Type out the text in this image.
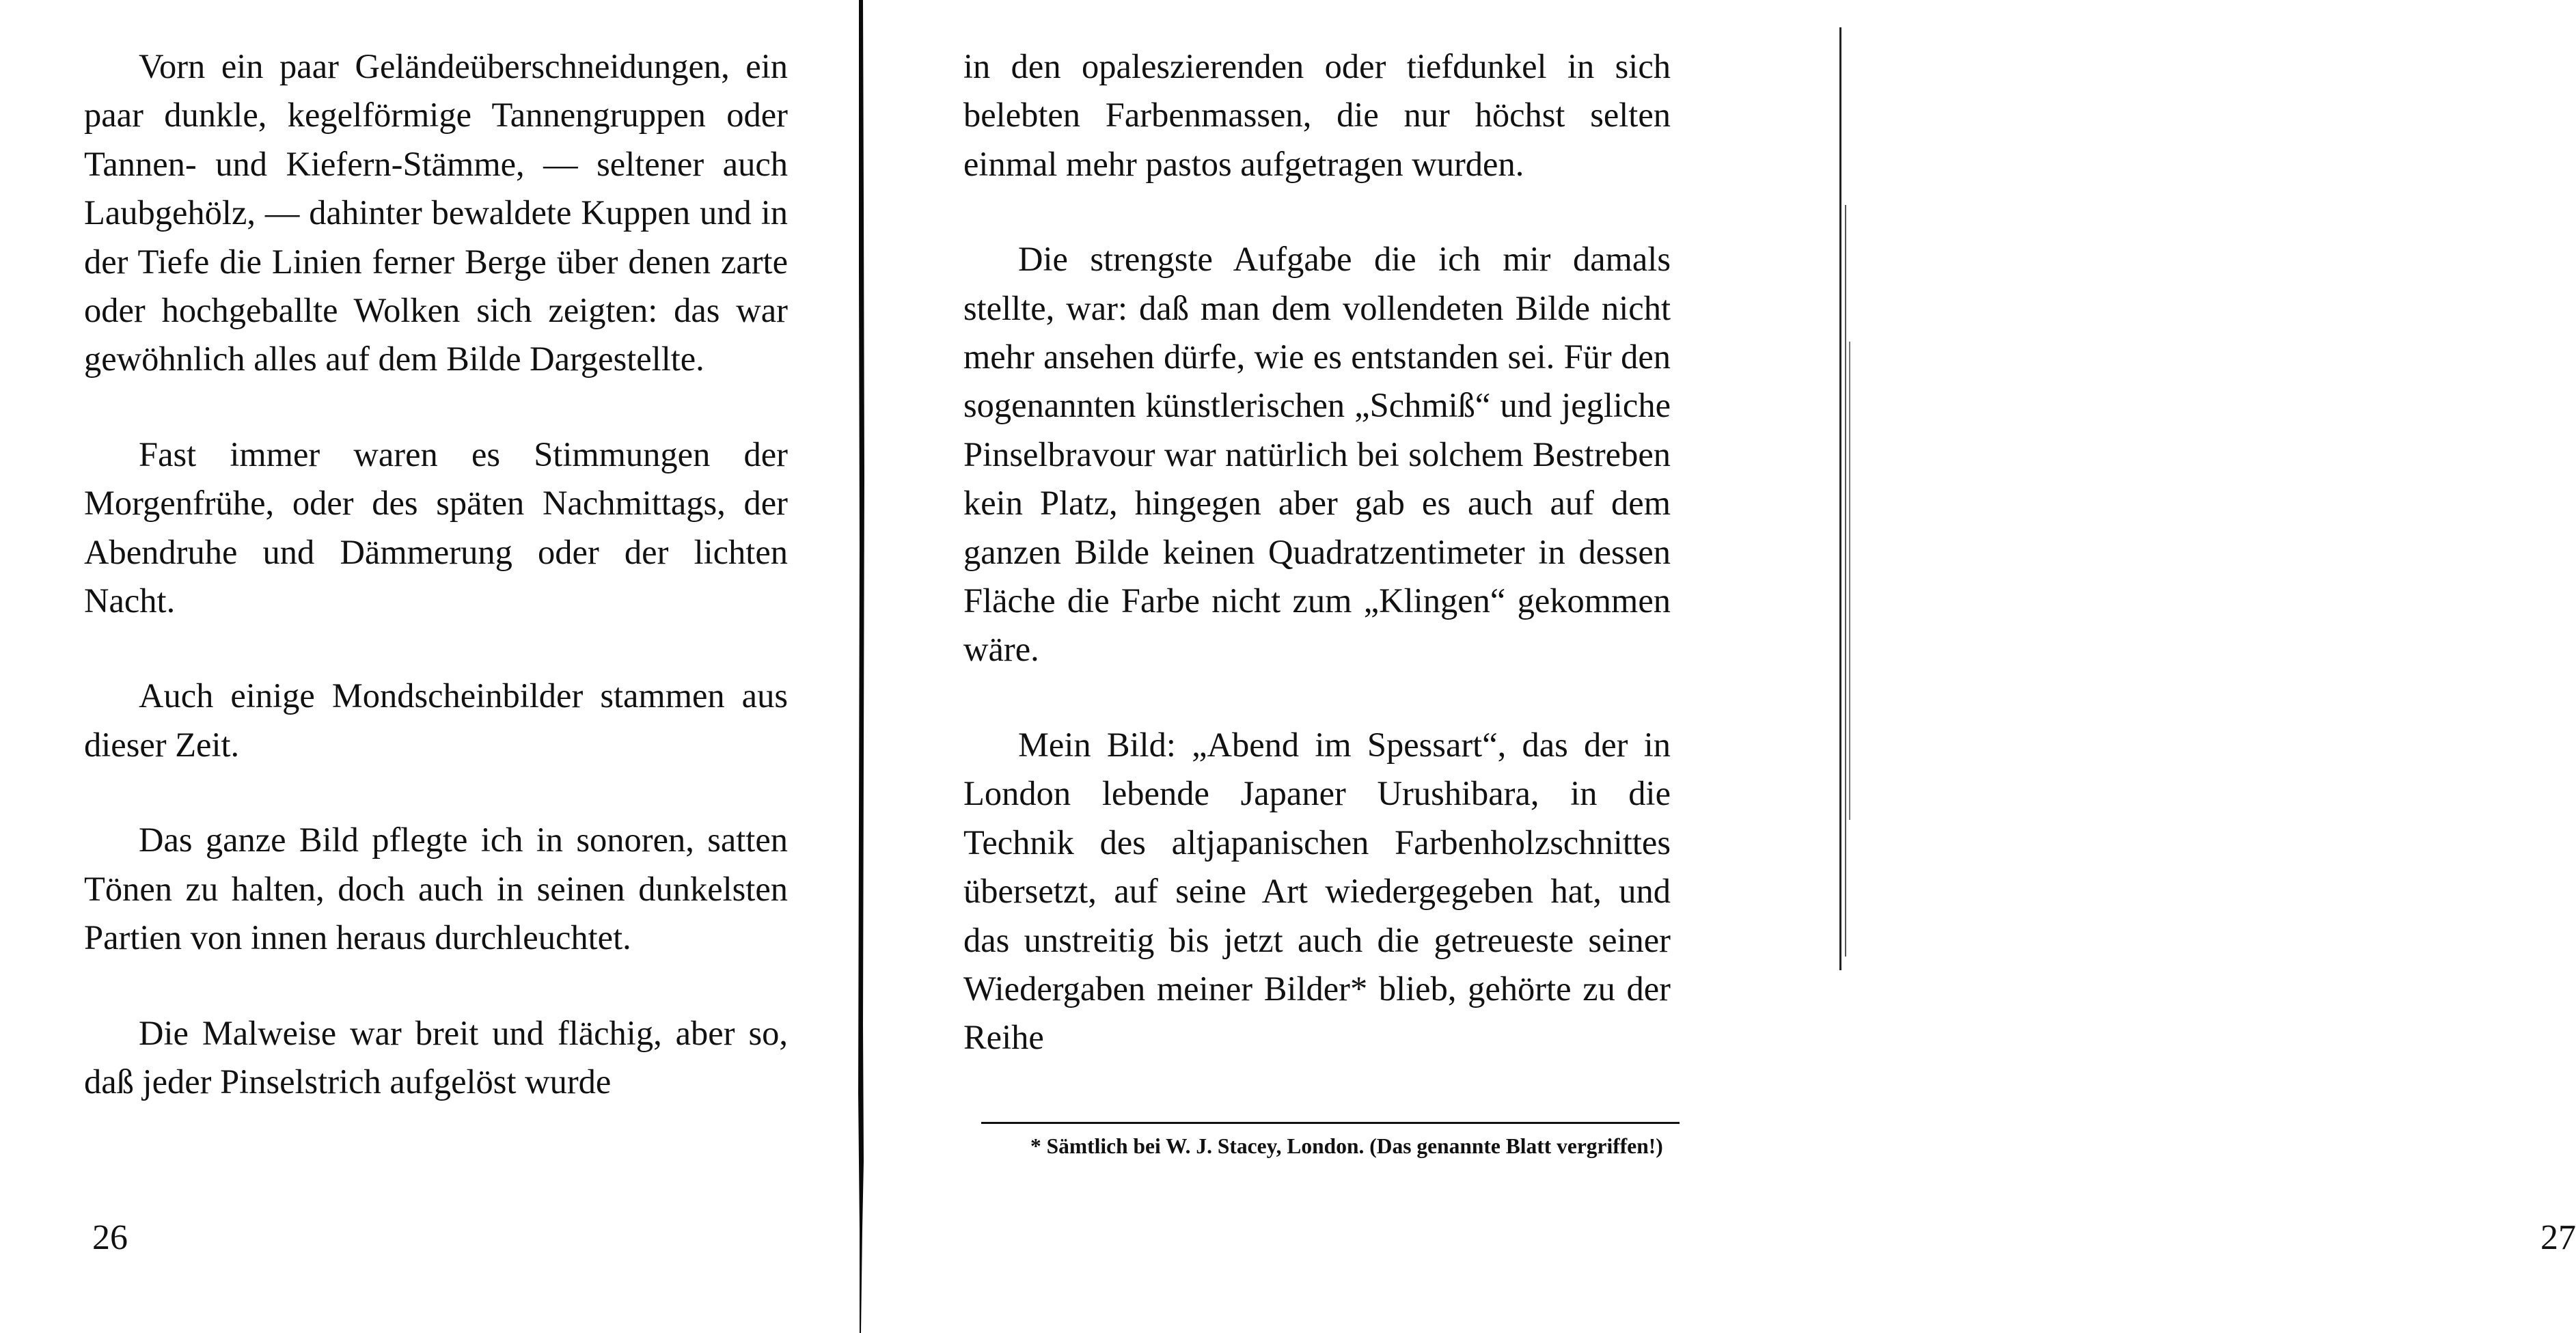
Vorn ein paar Geländeüberschneidungen, ein paar dunkle, kegelförmige Tannengruppen oder Tannen- und Kiefern-Stämme, — seltener auch Laubgehölz, — dahinter bewaldete Kuppen und in der Tiefe die Linien ferner Berge über denen zarte oder hochgeballte Wolken sich zeigten: das war gewöhnlich alles auf dem Bilde Dargestellte.

Fast immer waren es Stimmungen der Morgenfrühe, oder des späten Nachmittags, der Abendruhe und Dämmerung oder der lichten Nacht.

Auch einige Mondscheinbilder stammen aus dieser Zeit.

Das ganze Bild pflegte ich in sonoren, satten Tönen zu halten, doch auch in seinen dunkelsten Partien von innen heraus durchleuchtet.

Die Malweise war breit und flächig, aber so, daß jeder Pinselstrich aufgelöst wurde

26

in den opaleszierenden oder tiefdunkel in sich belebten Farbenmassen, die nur höchst selten einmal mehr pastos aufgetragen wurden.

Die strengste Aufgabe die ich mir damals stellte, war: daß man dem vollendeten Bilde nicht mehr ansehen dürfe, wie es entstanden sei. Für den sogenannten künstlerischen „Schmiß“ und jegliche Pinselbravour war natürlich bei solchem Bestreben kein Platz, hingegen aber gab es auch auf dem ganzen Bilde keinen Quadratzentimeter in dessen Fläche die Farbe nicht zum „Klingen“ gekommen wäre.

Mein Bild: „Abend im Spessart“, das der in London lebende Japaner Urushibara, in die Technik des altjapanischen Farbenholzschnittes übersetzt, auf seine Art wiedergegeben hat, und das unstreitig bis jetzt auch die getreueste seiner Wiedergaben meiner Bilder* blieb, gehörte zu der Reihe

27
* Sämtlich bei W. J. Stacey, London. (Das genannte Blatt vergriffen!)
